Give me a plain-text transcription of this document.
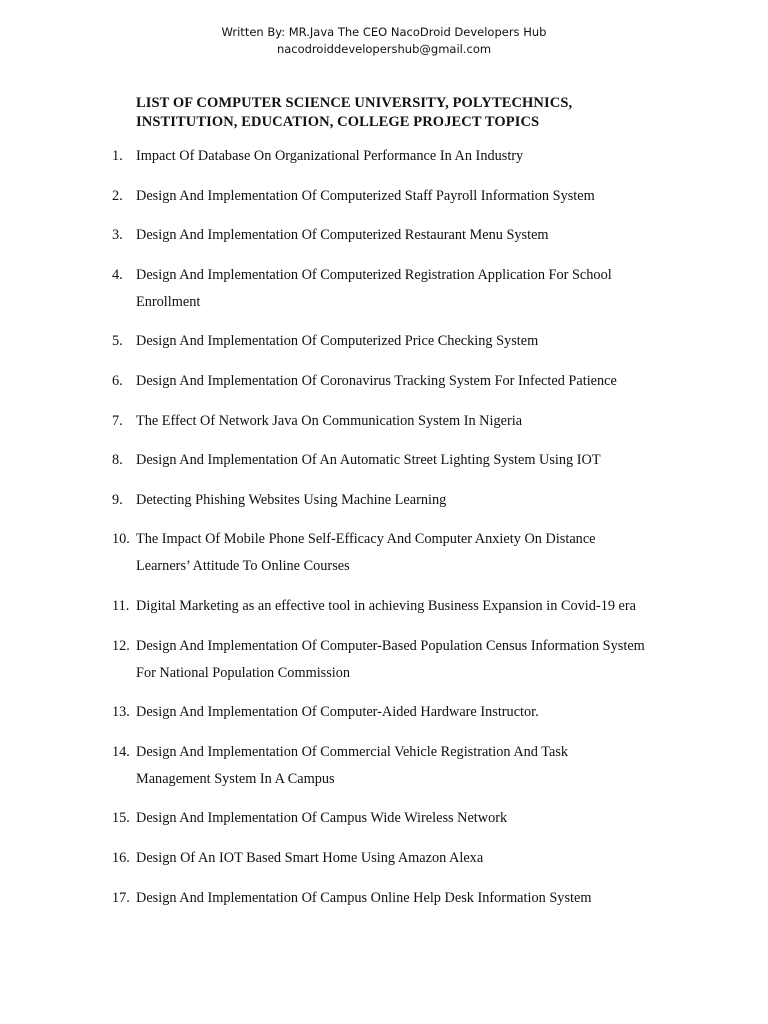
Written By: MR.Java The CEO NacoDroid Developers Hub
nacodroiddevelopershub@gmail.com
LIST OF COMPUTER SCIENCE UNIVERSITY, POLYTECHNICS,
INSTITUTION, EDUCATION, COLLEGE PROJECT TOPICS
1. Impact Of Database On Organizational Performance In An Industry
2. Design And Implementation Of Computerized Staff Payroll Information System
3. Design And Implementation Of Computerized Restaurant Menu System
4. Design And Implementation Of Computerized Registration Application For School
Enrollment
5. Design And Implementation Of Computerized Price Checking System
6. Design And Implementation Of Coronavirus Tracking System For Infected Patience
7. The Effect Of Network Java On Communication System In Nigeria
8. Design And Implementation Of An Automatic Street Lighting System Using IOT
9. Detecting Phishing Websites Using Machine Learning
10. The Impact Of Mobile Phone Self-Efficacy And Computer Anxiety On Distance
Learners’ Attitude To Online Courses
11. Digital Marketing as an effective tool in achieving Business Expansion in Covid-19 era
12. Design And Implementation Of Computer-Based Population Census Information System
For National Population Commission
13. Design And Implementation Of Computer-Aided Hardware Instructor.
14. Design And Implementation Of Commercial Vehicle Registration And Task
Management System In A Campus
15. Design And Implementation Of Campus Wide Wireless Network
16. Design Of An IOT Based Smart Home Using Amazon Alexa
17. Design And Implementation Of Campus Online Help Desk Information System
